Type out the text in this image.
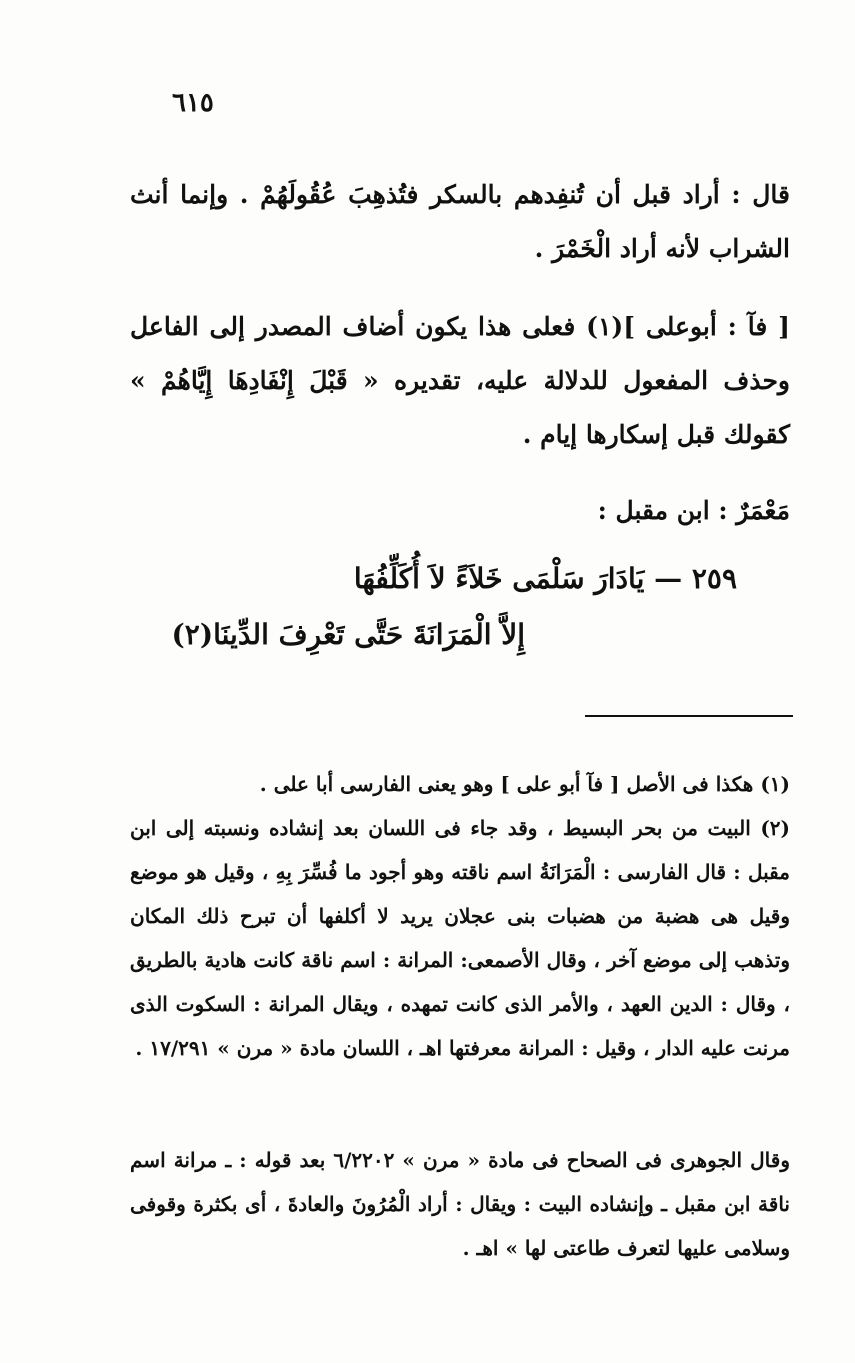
٦١٥
قال : أراد قبل أن تُنفِدهم بالسكر فتُذهِبَ عُقُولَهُمْ . وإنما أنث الشراب لأنه أراد الْخَمْرَ .
[ فآ : أبوعلى ](١) فعلى هذا يكون أضاف المصدر إلى الفاعل وحذف المفعول للدلالة عليه، تقديره « قَبْلَ إِنْفَادِهَا إِيَّاهُمْ » كقولك قبل إسكارها إيام .
مَعْمَرٌ : ابن مقبل :
٢٥٩ — يَادَارَ سَلْمَى خَلاَءً لاَ أُكَلِّفُهَا
إِلاَّ الْمَرَانَةَ حَتَّى تَعْرِفَ الدِّينَا(٢)
(١) هكذا فى الأصل [ فآ أبو على ] وهو يعنى الفارسى أبا على .
(٢) البيت من بحر البسيط ، وقد جاء فى اللسان بعد إنشاده ونسبته إلى ابن مقبل : قال الفارسى : الْمَرَانَةُ اسم ناقته وهو أجود ما فُسِّرَ بِهِ ، وقيل هو موضع وقيل هى هضبة من هضبات بنى عجلان يريد لا أكلفها أن تبرح ذلك المكان وتذهب إلى موضع آخر ، وقال الأصمعى: المرانة : اسم ناقة كانت هادية بالطريق ، وقال : الدين العهد ، والأمر الذى كانت تمهده ، ويقال المرانة : السكوت الذى مرنت عليه الدار ، وقيل : المرانة معرفتها اهـ ، اللسان مادة « مرن » ١٧/٢٩١ .
وقال الجوهرى فى الصحاح فى مادة « مرن » ٦/٢٢٠٢ بعد قوله : ـ مرانة اسم ناقة ابن مقبل ـ وإنشاده البيت : ويقال : أراد الْمُرُونَ والعادةَ ، أى بكثرة وقوفى وسلامى عليها لتعرف طاعتى لها » اهـ .
